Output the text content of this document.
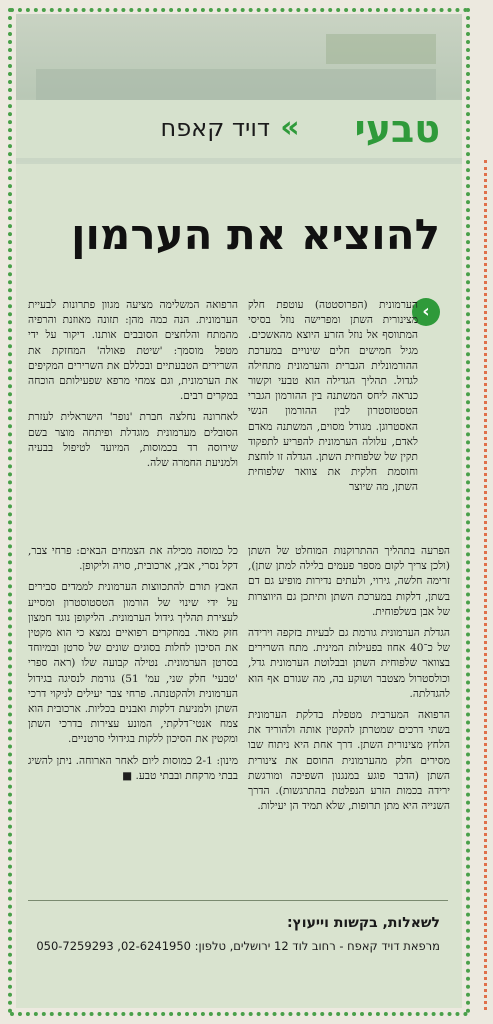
טבעי
«
דויד קאפח
להוציא את הערמון
‹

הערמונית (הפרוסטטה) עוטפת חלק מצינורית השתן ומפרישה נוזל בסיסי המתווסף אל נוזל הזרע היוצא מהאשכים. מגיל חמישים חלים שינויים במערכת ההורמונלית הגברית והערמונית מתחילה לגדול. תהליך הגדילה הוא טבעי וקשור כנראה ליחס המשתנה בין ההורמון הגברי הטסטוסטרון לבין ההורמון הנשי האסטרוגן. מגודל מסוים, המשתנה מאדם לאדם, עלולה הערמונית להפריע לתפקוד תקין של שלפוחית השתן. הגדלה זו לוחצת וחוסמת חלקית את צוואר שלפוחית השתן, מה שיוצר

הרפואה המשלימה מציעה מגוון פתרונות לבעיית הערמונית. הנה כמה מהן: תזונה מאוזנת והרפיה מהמתח והלחצים הסובבים אותנו. דיקור על ידי מטפל מוסמך: 'שיטת פאולה' המחזקת את השרירים הטבעתיים ובכללם את השרירים המקיפים את הערמונית, וגם צמחי מרפא שפעילותם הוכחה במקרים רבים.

לאחרונה נחלצה חברת 'נופר' הישראלית לעזרת הסובלים מערמונית מוגדלת ופיתחה מוצר בשם שירוסה רד בכמוסות, המיועד לטיפול בבעיה ולמניעת החמרה שלה.

הפרעה בתהליך ההתרוקנות המוחלט של השתן (ולכן צריך לקום מספר פעמים בלילה למתן שתן), זרימה חלשה, גירוי, ולעתים נדירות מופיע גם דם בשתן, דלקות במערכת השתן ותיתכן גם היווצרות של אבן בשלפוחית.

הגדלת הערמונית גורמת גם לבעיות בזקפה וירידה של כ־40 אחוז בפעילות המינית. מתח השרירים בצוואר שלפוחית השתן ובבלוטת הערמונית גדל, וכולסטרול מצטבר ושוקע בה, מה שגורם אף הוא להגדלתה.

הרפואה המערבית מטפלת בדלקת הערמונית בשתי דרכים שמטרתן להקטין אותה ולהוריד את הלחץ מצינורית השתן. דרך אחת היא ניתוח שבו מסירים חלק מהערמונית החוסם את צינורית השתן (הדבר פוגע במנגנון השפיכה ומורגשת ירידה בכמות הזרע הנפלטת בהתרגשות). הדרך השנייה היא מתן תרופות, שלא תמיד הן יעילות.

כל כמוסה מכילה את הצמחים הבאים: פרחי צבר, דקל נסרי, אבץ, ארכובית, סויה וליקופן.

האבץ תורם להתכווצות הערמונית לממדים סבירים על ידי שינוי של הורמון הטסטוסטרון ומסייע לעצירת תהליך גידול הערמונית. הליקופן נוגד חמצון חזק מאוד. במחקרים רפואיים נמצא כי הוא מקטין את הסיכון לחלות בסוגים שונים של סרטן ובמיוחד בסרטן הערמונית. נטילה קבועה שלו (ראה ספרי 'טבעי' חלק שני, עמ' 51) גורמת לנסיגה בגידול הערמונית ולהקטנתה. פרחי צבר יעילים לניקוי דרכי השתן ולמניעת דלקות ואבנים בכליות. ארכובית הוא צמח אנטי־דלקתי, המונע עצירות בדרכי השתן ומקטין את הסיכון ללקות בגידולי סרטניים.

מינון: 2-1 כמוסות ליום לאחר הארוחה. ניתן להשיג בבתי מרקחת ובבתי טבע. ■

לשאלות, בקשות וייעוץ:
מרפאת דויד קאפח - רחוב לוד 12 ירושלים, טלפון: 02-6241950, 050-7259293
